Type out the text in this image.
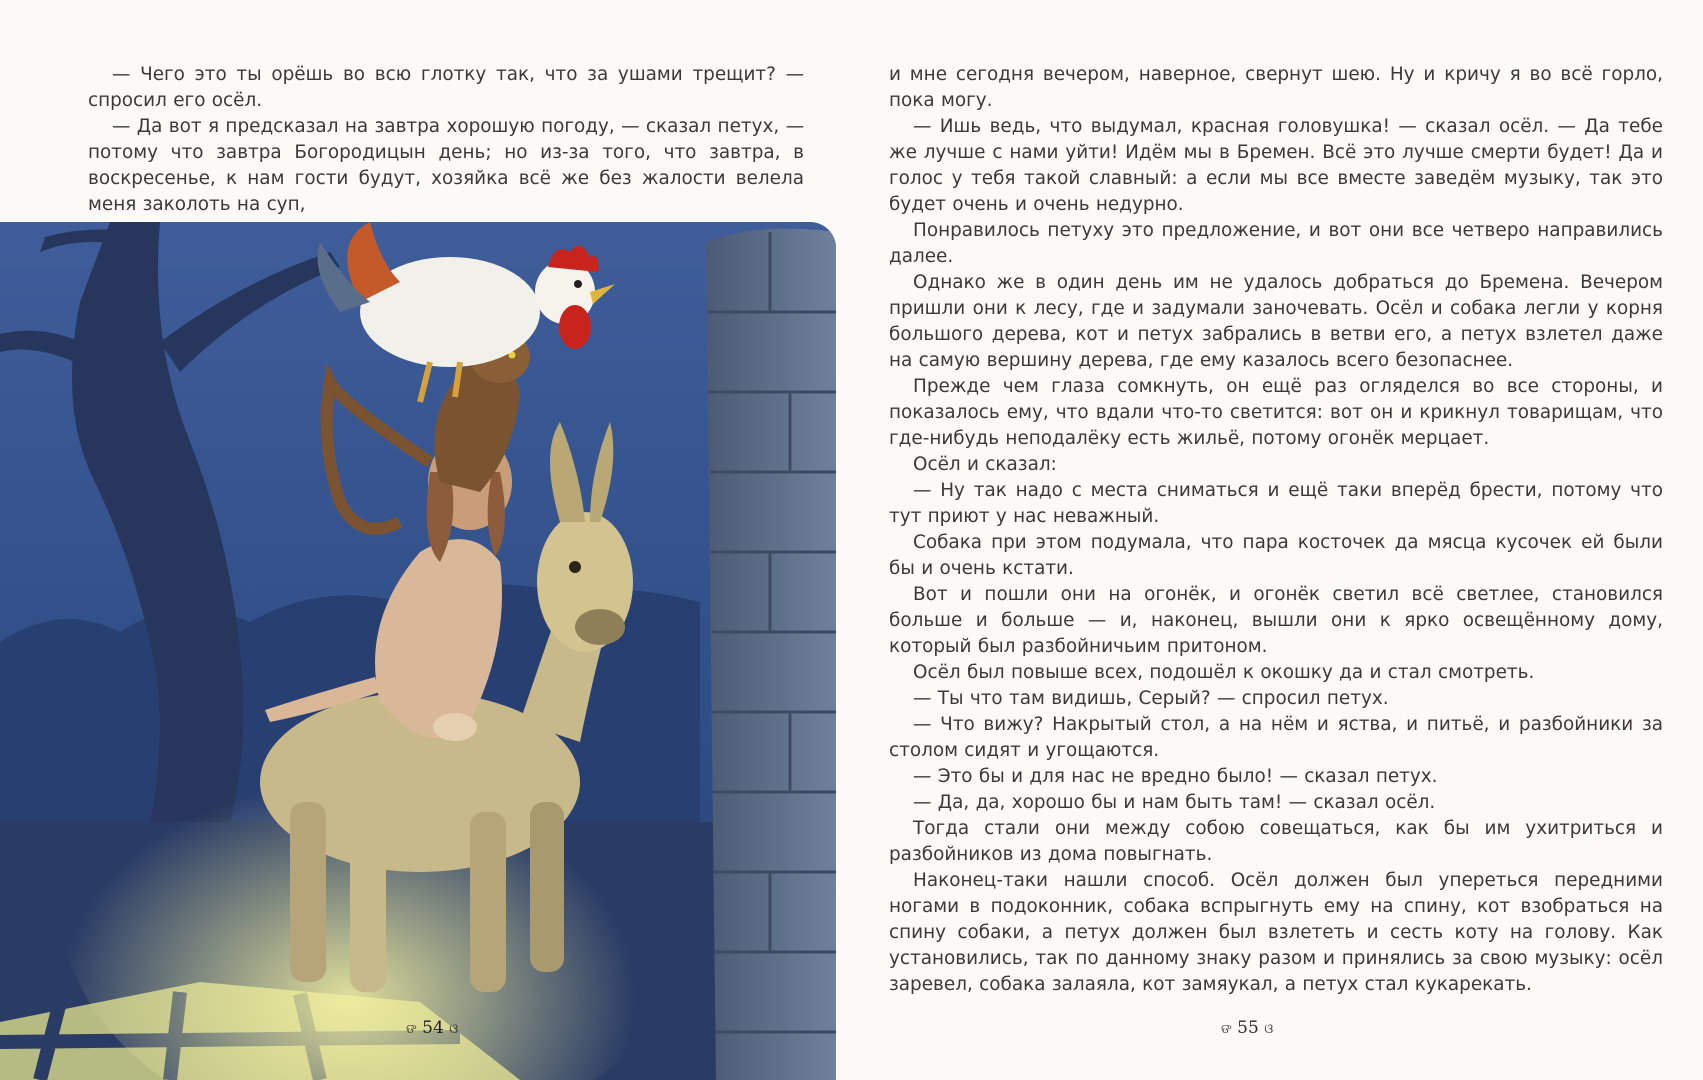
— Чего это ты орёшь во всю глотку так, что за ушами трещит? — спросил его осёл.

— Да вот я предсказал на завтра хорошую погоду, — сказал петух, — потому что завтра Богородицын день; но из-за того, что завтра, в воскресенье, к нам гости будут, хозяйка всё же без жалости велела меня заколоть на суп,

ଙ 54 ଓ

и мне сегодня вечером, наверное, свернут шею. Ну и кричу я во всё горло, пока могу.

— Ишь ведь, что выдумал, красная головушка! — сказал осёл. — Да тебе же лучше с нами уйти! Идём мы в Бремен. Всё это лучше смерти будет! Да и голос у тебя такой славный: а если мы все вместе заведём музыку, так это будет очень и очень недурно.

Понравилось петуху это предложение, и вот они все четверо направились далее.

Однако же в один день им не удалось добраться до Бремена. Вечером пришли они к лесу, где и задумали заночевать. Осёл и собака легли у корня большого дерева, кот и петух забрались в ветви его, а петух взлетел даже на самую вершину дерева, где ему казалось всего безопаснее.

Прежде чем глаза сомкнуть, он ещё раз огляделся во все стороны, и показалось ему, что вдали что-то светится: вот он и крикнул товарищам, что где-нибудь неподалёку есть жильё, потому огонёк мерцает.

Осёл и сказал:

— Ну так надо с места сниматься и ещё таки вперёд брести, потому что тут приют у нас неважный.

Собака при этом подумала, что пара косточек да мясца кусочек ей были бы и очень кстати.

Вот и пошли они на огонёк, и огонёк светил всё светлее, становился больше и больше — и, наконец, вышли они к ярко освещённому дому, который был разбойничьим притоном.

Осёл был повыше всех, подошёл к окошку да и стал смотреть.

— Ты что там видишь, Серый? — спросил петух.

— Что вижу? Накрытый стол, а на нём и яства, и питьё, и разбойники за столом сидят и угощаются.

— Это бы и для нас не вредно было! — сказал петух.

— Да, да, хорошо бы и нам быть там! — сказал осёл.

Тогда стали они между собою совещаться, как бы им ухитриться и разбойников из дома повыгнать.

Наконец-таки нашли способ. Осёл должен был упереться передними ногами в подоконник, собака вспрыгнуть ему на спину, кот взобраться на спину собаки, а петух должен был взлететь и сесть коту на голову. Как установились, так по данному знаку разом и принялись за свою музыку: осёл заревел, собака залаяла, кот замяукал, а петух стал кукарекать.

ଙ 55 ଓ
